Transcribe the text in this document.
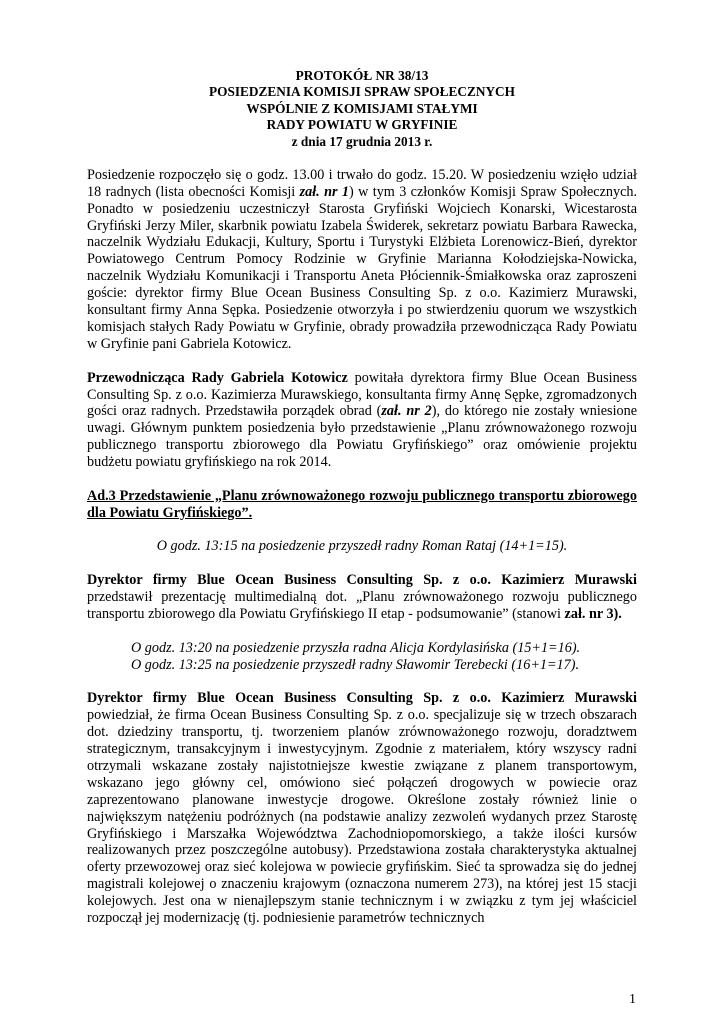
PROTOKÓŁ NR 38/13
POSIEDZENIA KOMISJI SPRAW SPOŁECZNYCH
WSPÓLNIE Z KOMISJAMI STAŁYMI
RADY POWIATU W GRYFINIE
z dnia 17 grudnia 2013 r.

Posiedzenie rozpoczęło się o godz. 13.00 i trwało do godz. 15.20. W posiedzeniu wzięło udział 18 radnych (lista obecności Komisji zał. nr 1) w tym 3 członków Komisji Spraw Społecznych. Ponadto w posiedzeniu uczestniczył Starosta Gryfiński Wojciech Konarski, Wicestarosta Gryfiński Jerzy Miler, skarbnik powiatu Izabela Świderek, sekretarz powiatu Barbara Rawecka, naczelnik Wydziału Edukacji, Kultury, Sportu i Turystyki Elżbieta Lorenowicz-Bień, dyrektor Powiatowego Centrum Pomocy Rodzinie w Gryfinie Marianna Kołodziejska-Nowicka, naczelnik Wydziału Komunikacji i Transportu Aneta Płóciennik-Śmiałkowska oraz zaproszeni goście: dyrektor firmy Blue Ocean Business Consulting Sp. z o.o. Kazimierz Murawski, konsultant firmy Anna Sępka. Posiedzenie otworzyła i po stwierdzeniu quorum we wszystkich komisjach stałych Rady Powiatu w Gryfinie, obrady prowadziła przewodnicząca Rady Powiatu w Gryfinie pani Gabriela Kotowicz.

Przewodnicząca Rady Gabriela Kotowicz powitała dyrektora firmy Blue Ocean Business Consulting Sp. z o.o. Kazimierza Murawskiego, konsultanta firmy Annę Sępke, zgromadzonych gości oraz radnych. Przedstawiła porządek obrad (zał. nr 2), do którego nie zostały wniesione uwagi. Głównym punktem posiedzenia było przedstawienie „Planu zrównoważonego rozwoju publicznego transportu zbiorowego dla Powiatu Gryfińskiego” oraz omówienie projektu budżetu powiatu gryfińskiego na rok 2014.

Ad.3 Przedstawienie „Planu zrównoważonego rozwoju publicznego transportu zbiorowego dla Powiatu Gryfińskiego”.

O godz. 13:15 na posiedzenie przyszedł radny Roman Rataj (14+1=15).

Dyrektor firmy Blue Ocean Business Consulting Sp. z o.o. Kazimierz Murawski przedstawił prezentację multimedialną dot. „Planu zrównoważonego rozwoju publicznego transportu zbiorowego dla Powiatu Gryfińskiego II etap - podsumowanie” (stanowi zał. nr 3).

O godz. 13:20 na posiedzenie przyszła radna Alicja Kordylasińska (15+1=16).

O godz. 13:25 na posiedzenie przyszedł radny Sławomir Terebecki (16+1=17).

Dyrektor firmy Blue Ocean Business Consulting Sp. z o.o. Kazimierz Murawski powiedział, że firma Ocean Business Consulting Sp. z o.o. specjalizuje się w trzech obszarach dot. dziedziny transportu, tj. tworzeniem planów zrównoważonego rozwoju, doradztwem strategicznym, transakcyjnym i inwestycyjnym. Zgodnie z materiałem, który wszyscy radni otrzymali wskazane zostały najistotniejsze kwestie związane z planem transportowym, wskazano jego główny cel, omówiono sieć połączeń drogowych w powiecie oraz zaprezentowano planowane inwestycje drogowe. Określone zostały również linie o największym natężeniu podróżnych (na podstawie analizy zezwoleń wydanych przez Starostę Gryfińskiego i Marszałka Województwa Zachodniopomorskiego, a także ilości kursów realizowanych przez poszczególne autobusy). Przedstawiona została charakterystyka aktualnej oferty przewozowej oraz sieć kolejowa w powiecie gryfińskim. Sieć ta sprowadza się do jednej magistrali kolejowej o znaczeniu krajowym (oznaczona numerem 273), na której jest 15 stacji kolejowych. Jest ona w nienajlepszym stanie technicznym i w związku z tym jej właściciel rozpoczął jej modernizację (tj. podniesienie parametrów technicznych

1
